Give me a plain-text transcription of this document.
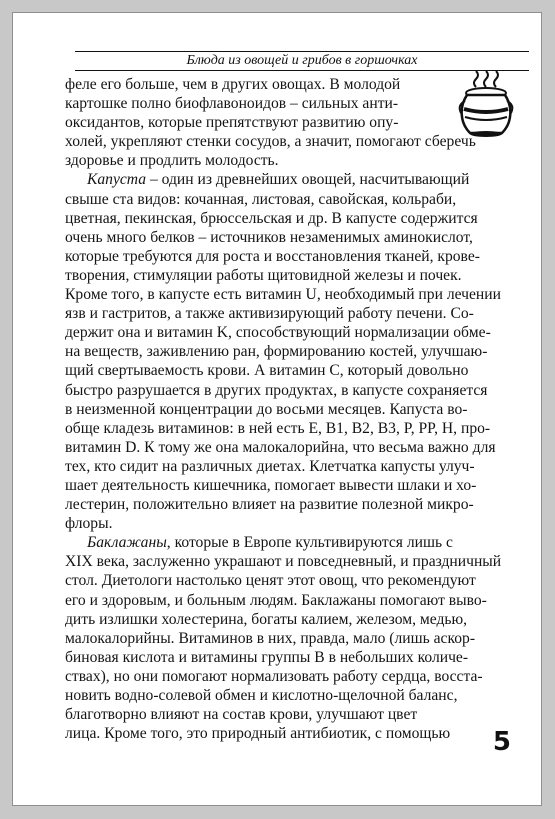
Блюда из овощей и грибов в горшочках

феле его больше, чем в других овощах. В молодой
картошке полно биофлавоноидов – сильных анти-
оксидантов, которые препятствуют развитию опу-
холей, укрепляют стенки сосудов, а значит, помогают сберечь
здоровье и продлить молодость.

Капуста – один из древнейших овощей, насчитывающий
свыше ста видов: кочанная, листовая, савойская, кольраби,
цветная, пекинская, брюссельская и др. В капусте содержится
очень много белков – источников незаменимых аминокислот,
которые требуются для роста и восстановления тканей, крове-
творения, стимуляции работы щитовидной железы и почек.
Кроме того, в капусте есть витамин U, необходимый при лечении
язв и гастритов, а также активизирующий работу печени. Со-
держит она и витамин K, способствующий нормализации обме-
на веществ, заживлению ран, формированию костей, улучшаю-
щий свертываемость крови. А витамин C, который довольно
быстро разрушается в других продуктах, в капусте сохраняется
в неизменной концентрации до восьми месяцев. Капуста во-
обще кладезь витаминов: в ней есть E, B1, B2, B3, P, PP, H, про-
витамин D. К тому же она малокалорийна, что весьма важно для
тех, кто сидит на различных диетах. Клетчатка капусты улуч-
шает деятельность кишечника, помогает вывести шлаки и хо-
лестерин, положительно влияет на развитие полезной микро-
флоры.

Баклажаны, которые в Европе культивируются лишь с
XIX века, заслуженно украшают и повседневный, и праздничный
стол. Диетологи настолько ценят этот овощ, что рекомендуют
его и здоровым, и больным людям. Баклажаны помогают выво-
дить излишки холестерина, богаты калием, железом, медью,
малокалорийны. Витаминов в них, правда, мало (лишь аскор-
биновая кислота и витамины группы B в небольших количе-
ствах), но они помогают нормализовать работу сердца, восста-
новить водно-солевой обмен и кислотно-щелочной баланс,
благотворно влияют на состав крови, улучшают цвет
лица. Кроме того, это природный антибиотик, с помощью	5
